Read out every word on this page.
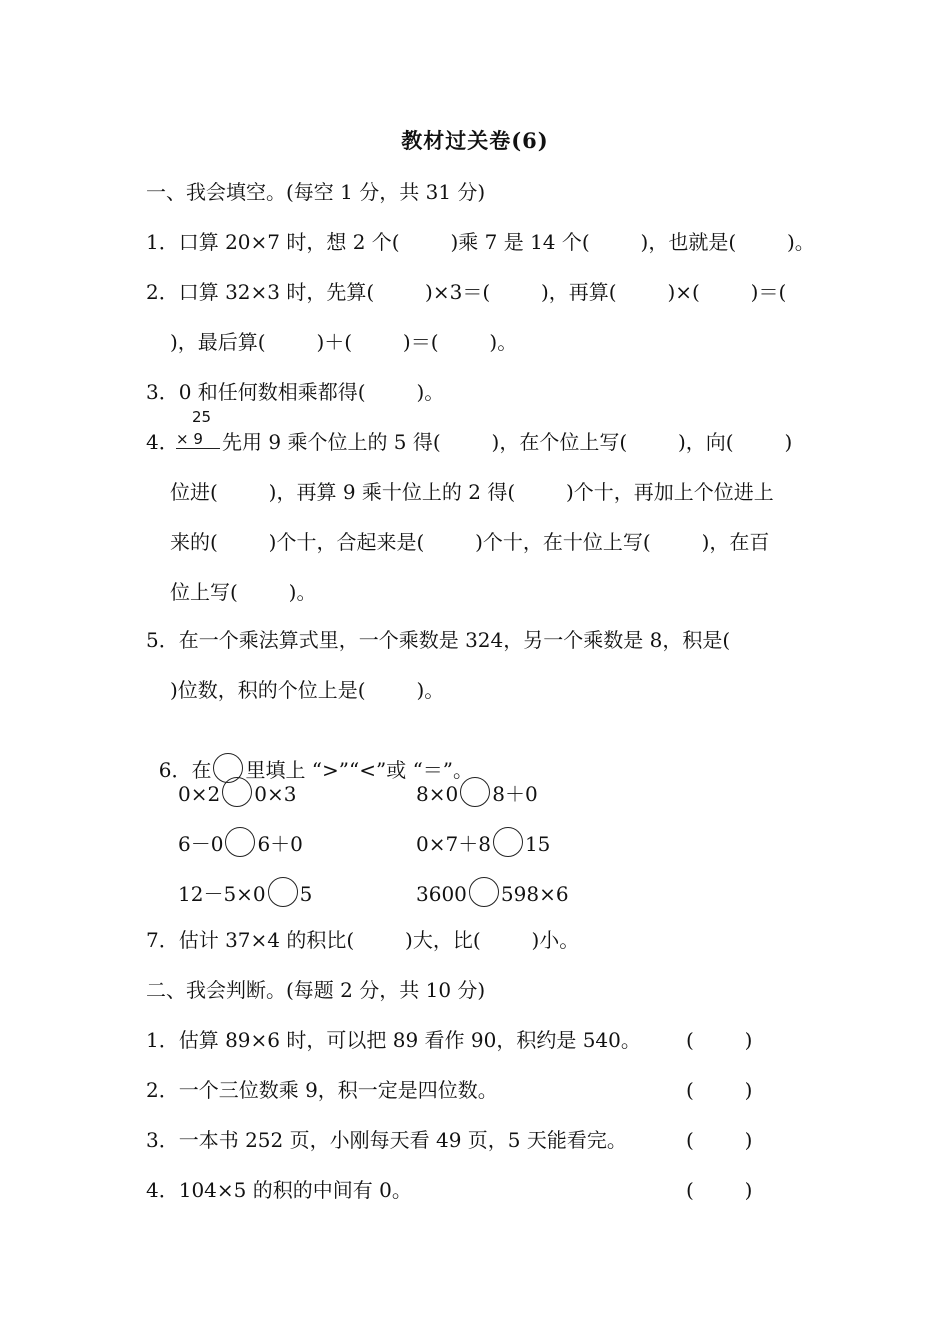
教材过关卷(6)
一、我会填空。(每空 1 分，共 31 分)
1．口算 20×7 时，想 2 个(        )乘 7 是 14 个(        )，也就是(        )。
2．口算 32×3 时，先算(        )×3＝(        )，再算(        )×(        )＝(
)，最后算(        )＋(        )＝(        )。
3．0 和任何数相乘都得(        )。
4．
25
× 9 先用 9 乘个位上的 5 得(        )，在个位上写(        )，向(        )
位进(        )，再算 9 乘十位上的 2 得(        )个十，再加上个位进上
来的(        )个十，合起来是(        )个十，在十位上写(        )，在百
位上写(        )。
5．在一个乘法算式里，一个乘数是 324，另一个乘数是 8，积是(
)位数，积的个位上是(        )。

6．在 里填上 “>”“<”或 “＝”。

0×2 0×3	8×0 8＋0
6－0 6＋0	0×7＋8 15
12－5×0 5	3600 598×6
7．估计 37×4 的积比(        )大，比(        )小。
二、我会判断。(每题 2 分，共 10 分)
1．估算 89×6 时，可以把 89 看作 90，积约是 540。 (        )
2．一个三位数乘 9，积一定是四位数。	(        )
3．一本书 252 页，小刚每天看 49 页，5 天能看完。	(        )
4．104×5 的积的中间有 0。	(        )
